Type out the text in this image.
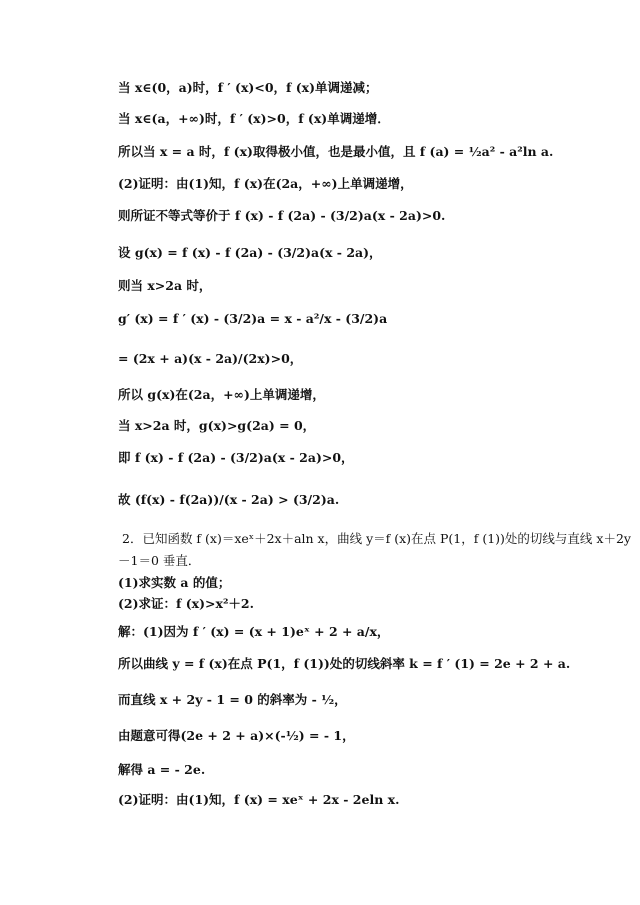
当 x∈(0，a)时，f ′ (x)<0，f (x)单调递减；
当 x∈(a，+∞)时，f ′ (x)>0，f (x)单调递增．
所以当 x = a 时，f (x)取得极小值，也是最小值，且 f (a) = ½a² - a²ln a.
(2)证明：由(1)知，f (x)在(2a，+∞)上单调递增，
则所证不等式等价于 f (x) - f (2a) - (3/2)a(x - 2a)>0.
设 g(x) = f (x) - f (2a) - (3/2)a(x - 2a)，
则当 x>2a 时，
g′ (x) = f ′ (x) - (3/2)a = x - a²/x - (3/2)a
= (2x + a)(x - 2a)/(2x)>0，
所以 g(x)在(2a，+∞)上单调递增，
当 x>2a 时，g(x)>g(2a) = 0，
即 f (x) - f (2a) - (3/2)a(x - 2a)>0，
故 (f(x) - f(2a))/(x - 2a) > (3/2)a.
2．已知函数 f (x)＝xeˣ＋2x＋aln x，曲线 y＝f (x)在点 P(1，f (1))处的切线与直线 x＋2y
－1＝0 垂直．
(1)求实数 a 的值；
(2)求证：f (x)>x²＋2.
解：(1)因为 f ′ (x) = (x + 1)eˣ + 2 + a/x，
所以曲线 y = f (x)在点 P(1，f (1))处的切线斜率 k = f ′ (1) = 2e + 2 + a.
而直线 x + 2y - 1 = 0 的斜率为 - ½，
由题意可得(2e + 2 + a)×(-½) = - 1，
解得 a = - 2e.
(2)证明：由(1)知，f (x) = xeˣ + 2x - 2eln x.
